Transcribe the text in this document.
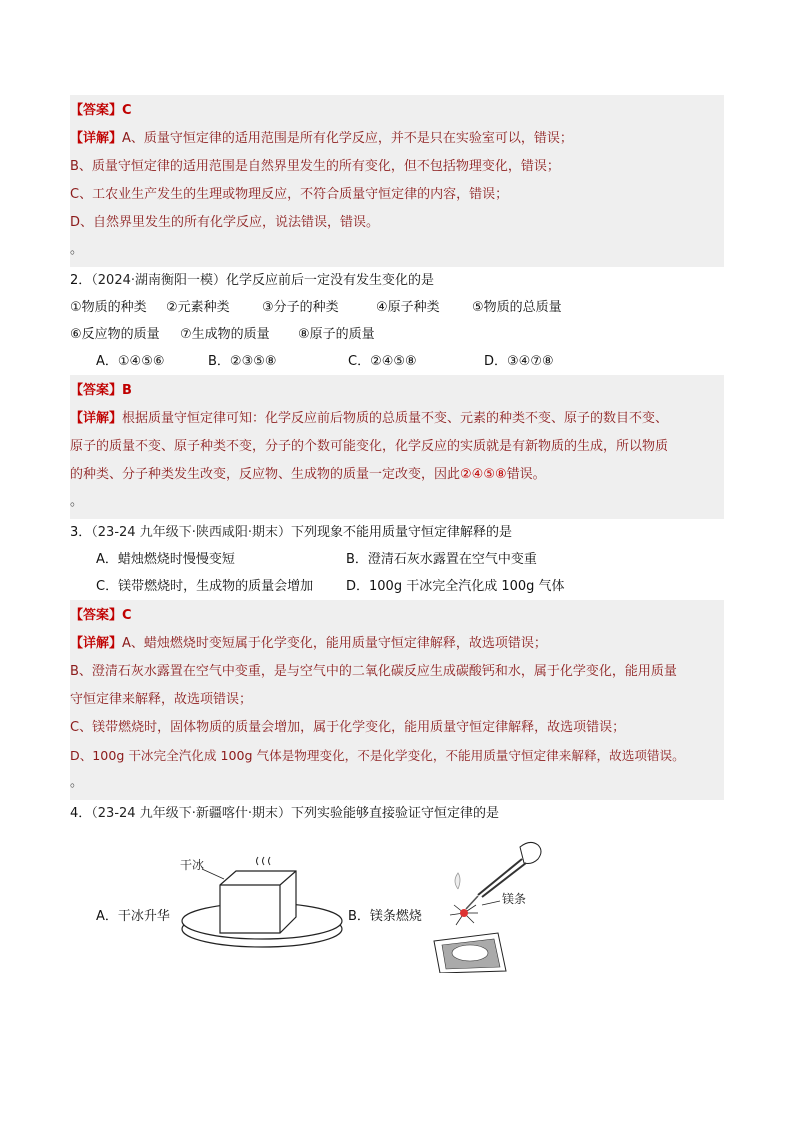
【答案】C
【详解】A、质量守恒定律的适用范围是所有化学反应，并不是只在实验室可以，错误；
B、质量守恒定律的适用范围是自然界里发生的所有变化，但不包括物理变化，错误；
C、工农业生产发生的生理或物理反应，不符合质量守恒定律的内容，错误；
D、自然界里发生的所有化学反应，说法错误，错误。
。
2．（2024·湖南衡阳一模）化学反应前后一定没有发生变化的是
①物质的种类	②元素种类	③分子的种类	④原子种类	⑤物质的总质量
⑥反应物的质量	⑦生成物的质量	⑧原子的质量
A．①④⑤⑥	B．②③⑤⑧	C．②④⑤⑧	D．③④⑦⑧
【答案】B
【详解】根据质量守恒定律可知：化学反应前后物质的总质量不变、元素的种类不变、原子的数目不变、
原子的质量不变、原子种类不变，分子的个数可能变化，化学反应的实质就是有新物质的生成，所以物质
的种类、分子种类发生改变，反应物、生成物的质量一定改变，因此②④⑤⑧错误。
。
3．（23-24 九年级下·陕西咸阳·期末）下列现象不能用质量守恒定律解释的是
A．蜡烛燃烧时慢慢变短	B．澄清石灰水露置在空气中变重
C．镁带燃烧时，生成物的质量会增加	D．100g 干冰完全汽化成 100g 气体
【答案】C
【详解】A、蜡烛燃烧时变短属于化学变化，能用质量守恒定律解释，故选项错误；
B、澄清石灰水露置在空气中变重，是与空气中的二氧化碳反应生成碳酸钙和水，属于化学变化，能用质量
守恒定律来解释，故选项错误；
C、镁带燃烧时，固体物质的质量会增加，属于化学变化，能用质量守恒定律解释，故选项错误；
D、100g 干冰完全汽化成 100g 气体是物理变化，不是化学变化，不能用质量守恒定律来解释，故选项错误。
。
4．（23-24 九年级下·新疆喀什·期末）下列实验能够直接验证守恒定律的是
A．干冰升华
干冰
B．镁条燃烧
镁条
